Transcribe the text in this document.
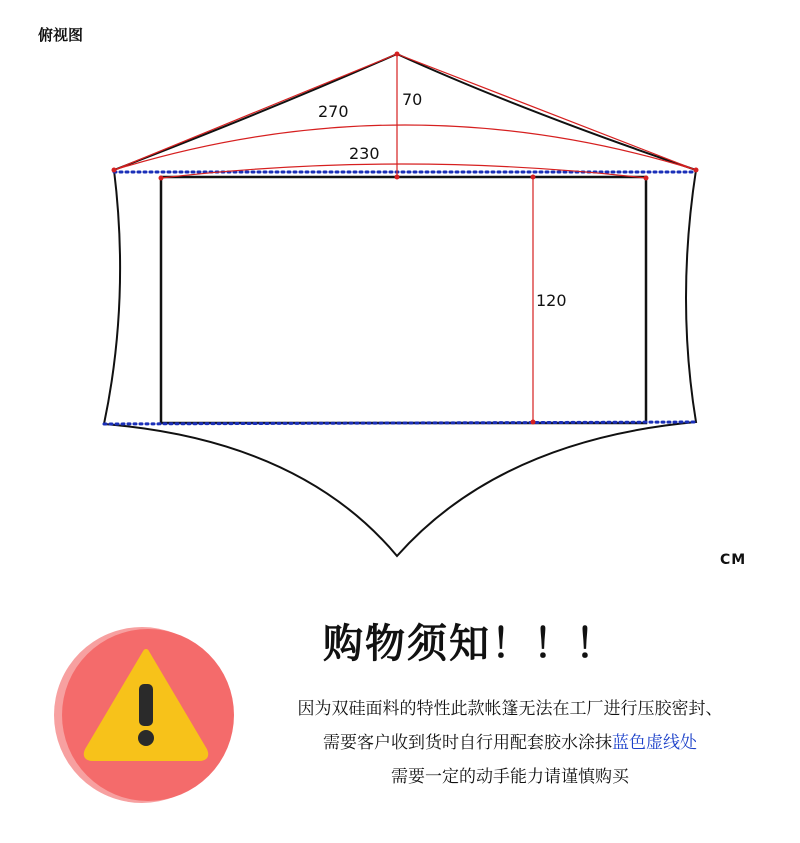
俯视图
270
70
230
120
CM
购物须知！！！
因为双硅面料的特性此款帐篷无法在工厂进行压胶密封、
需要客户收到货时自行用配套胶水涂抹蓝色虚线处
需要一定的动手能力请谨慎购买
